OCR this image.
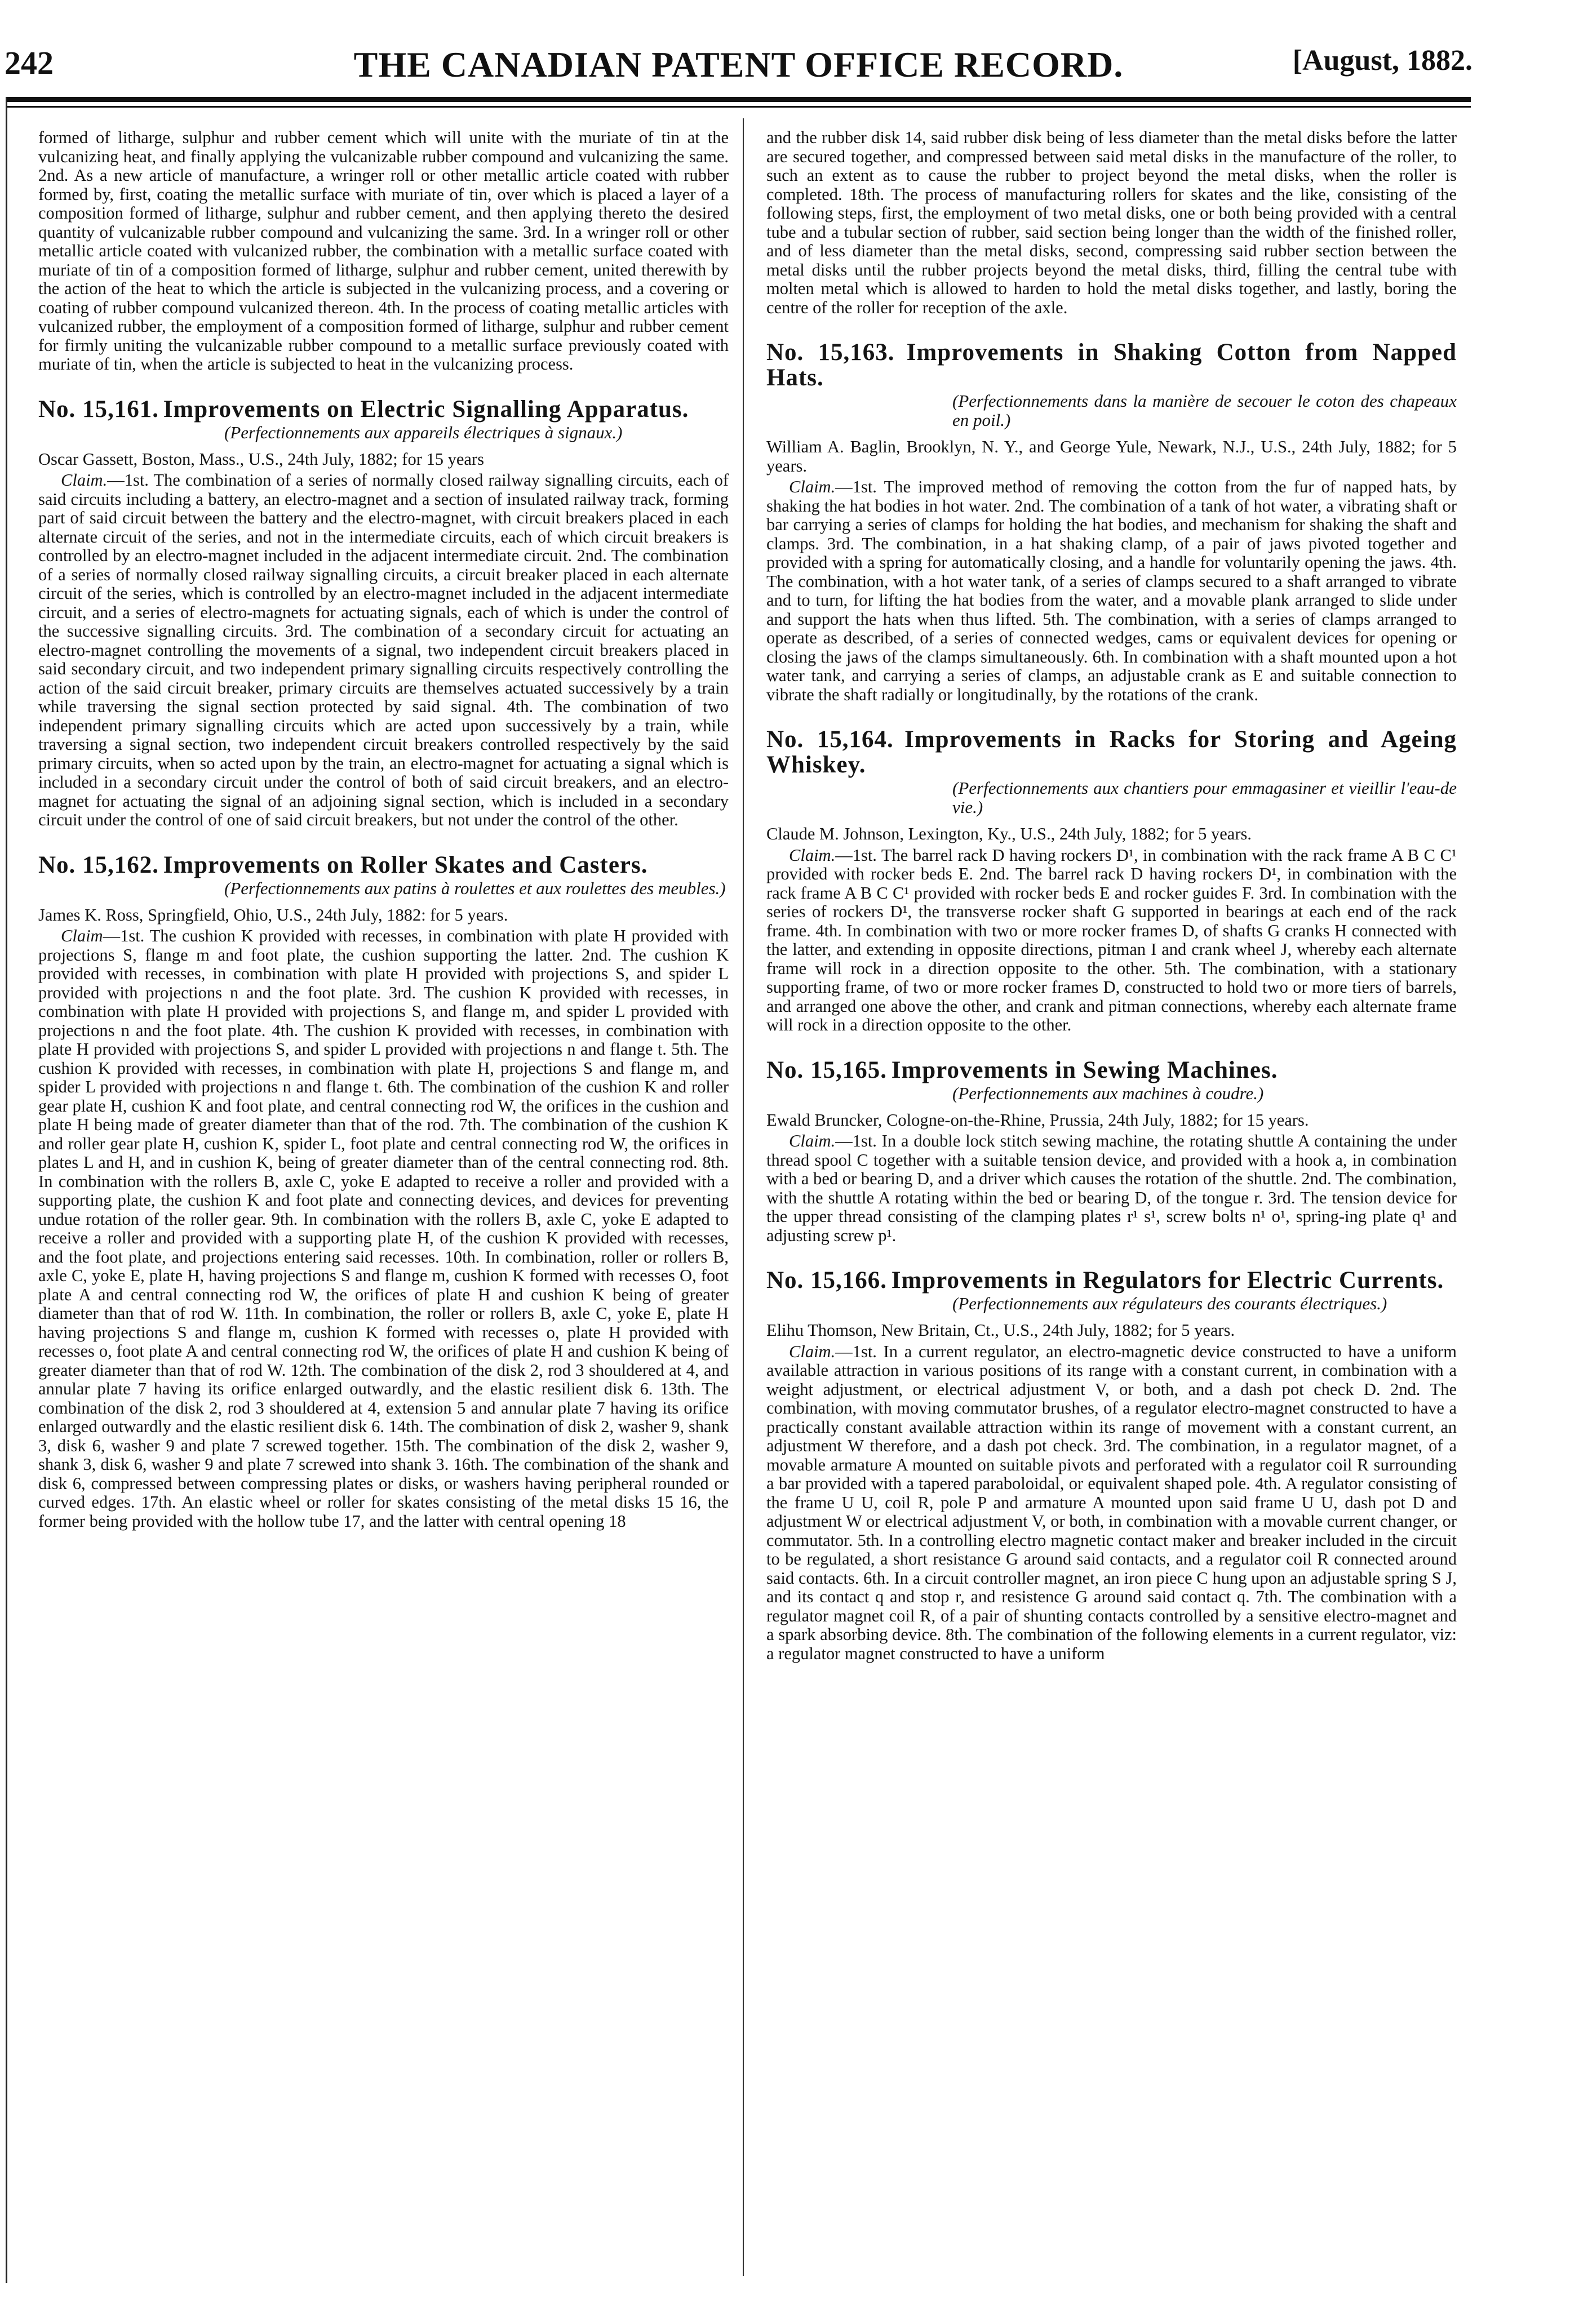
242	THE CANADIAN PATENT OFFICE RECORD.	[August, 1882.

formed of litharge, sulphur and rubber cement which will unite with the muriate of tin at the vulcanizing heat, and finally applying the vulcanizable rubber compound and vulcanizing the same. 2nd. As a new article of manufacture, a wringer roll or other metallic article coated with rubber formed by, first, coating the metallic surface with muriate of tin, over which is placed a layer of a composition formed of litharge, sulphur and rubber cement, and then applying thereto the desired quantity of vulcanizable rubber compound and vulcanizing the same. 3rd. In a wringer roll or other metallic article coated with vulcanized rubber, the combination with a metallic surface coated with muriate of tin of a composition formed of litharge, sulphur and rubber cement, united therewith by the action of the heat to which the article is subjected in the vulcanizing process, and a covering or coating of rubber compound vulcanized thereon. 4th. In the process of coating metallic articles with vulcanized rubber, the employment of a composition formed of litharge, sulphur and rubber cement for firmly uniting the vulcanizable rubber compound to a metallic surface previously coated with muriate of tin, when the article is subjected to heat in the vulcanizing process.

No. 15,161. Improvements on Electric Signalling Apparatus.
(Perfectionnements aux appareils électriques à signaux.)

Oscar Gassett, Boston, Mass., U.S., 24th July, 1882; for 15 years

Claim.—1st. The combination of a series of normally closed railway signalling circuits, each of said circuits including a battery, an electro-magnet and a section of insulated railway track, forming part of said circuit between the battery and the electro-magnet, with circuit breakers placed in each alternate circuit of the series, and not in the intermediate circuits, each of which circuit breakers is controlled by an electro-magnet included in the adjacent intermediate circuit. 2nd. The combination of a series of normally closed railway signalling circuits, a circuit breaker placed in each alternate circuit of the series, which is controlled by an electro-magnet included in the adjacent intermediate circuit, and a series of electro-magnets for actuating signals, each of which is under the control of the successive signalling circuits. 3rd. The combination of a secondary circuit for actuating an electro-magnet controlling the movements of a signal, two independent circuit breakers placed in said secondary circuit, and two independent primary signalling circuits respectively controlling the action of the said circuit breaker, primary circuits are themselves actuated successively by a train while traversing the signal section protected by said signal. 4th. The combination of two independent primary signalling circuits which are acted upon successively by a train, while traversing a signal section, two independent circuit breakers controlled respectively by the said primary circuits, when so acted upon by the train, an electro-magnet for actuating a signal which is included in a secondary circuit under the control of both of said circuit breakers, and an electro-magnet for actuating the signal of an adjoining signal section, which is included in a secondary circuit under the control of one of said circuit breakers, but not under the control of the other.

No. 15,162. Improvements on Roller Skates and Casters.
(Perfectionnements aux patins à roulettes et aux roulettes des meubles.)

James K. Ross, Springfield, Ohio, U.S., 24th July, 1882: for 5 years.

Claim—1st. The cushion K provided with recesses, in combination with plate H provided with projections S, flange m and foot plate, the cushion supporting the latter. 2nd. The cushion K provided with recesses, in combination with plate H provided with projections S, and spider L provided with projections n and the foot plate. 3rd. The cushion K provided with recesses, in combination with plate H provided with projections S, and flange m, and spider L provided with projections n and the foot plate. 4th. The cushion K provided with recesses, in combination with plate H provided with projections S, and spider L provided with projections n and flange t. 5th. The cushion K provided with recesses, in combination with plate H, projections S and flange m, and spider L provided with projections n and flange t. 6th. The combination of the cushion K and roller gear plate H, cushion K and foot plate, and central connecting rod W, the orifices in the cushion and plate H being made of greater diameter than that of the rod. 7th. The combination of the cushion K and roller gear plate H, cushion K, spider L, foot plate and central connecting rod W, the orifices in plates L and H, and in cushion K, being of greater diameter than of the central connecting rod. 8th. In combination with the rollers B, axle C, yoke E adapted to receive a roller and provided with a supporting plate, the cushion K and foot plate and connecting devices, and devices for preventing undue rotation of the roller gear. 9th. In combination with the rollers B, axle C, yoke E adapted to receive a roller and provided with a supporting plate H, of the cushion K provided with recesses, and the foot plate, and projections entering said recesses. 10th. In combination, roller or rollers B, axle C, yoke E, plate H, having projections S and flange m, cushion K formed with recesses O, foot plate A and central connecting rod W, the orifices of plate H and cushion K being of greater diameter than that of rod W. 11th. In combination, the roller or rollers B, axle C, yoke E, plate H having projections S and flange m, cushion K formed with recesses o, plate H provided with recesses o, foot plate A and central connecting rod W, the orifices of plate H and cushion K being of greater diameter than that of rod W. 12th. The combination of the disk 2, rod 3 shouldered at 4, and annular plate 7 having its orifice enlarged outwardly, and the elastic resilient disk 6. 13th. The combination of the disk 2, rod 3 shouldered at 4, extension 5 and annular plate 7 having its orifice enlarged outwardly and the elastic resilient disk 6. 14th. The combination of disk 2, washer 9, shank 3, disk 6, washer 9 and plate 7 screwed together. 15th. The combination of the disk 2, washer 9, shank 3, disk 6, washer 9 and plate 7 screwed into shank 3. 16th. The combination of the shank and disk 6, compressed between compressing plates or disks, or washers having peripheral rounded or curved edges. 17th. An elastic wheel or roller for skates consisting of the metal disks 15 16, the former being provided with the hollow tube 17, and the latter with central opening 18

and the rubber disk 14, said rubber disk being of less diameter than the metal disks before the latter are secured together, and compressed between said metal disks in the manufacture of the roller, to such an extent as to cause the rubber to project beyond the metal disks, when the roller is completed. 18th. The process of manufacturing rollers for skates and the like, consisting of the following steps, first, the employment of two metal disks, one or both being provided with a central tube and a tubular section of rubber, said section being longer than the width of the finished roller, and of less diameter than the metal disks, second, compressing said rubber section between the metal disks until the rubber projects beyond the metal disks, third, filling the central tube with molten metal which is allowed to harden to hold the metal disks together, and lastly, boring the centre of the roller for reception of the axle.

No. 15,163. Improvements in Shaking Cotton from Napped Hats.
(Perfectionnements dans la manière de secouer le coton des chapeaux en poil.)

William A. Baglin, Brooklyn, N. Y., and George Yule, Newark, N.J., U.S., 24th July, 1882; for 5 years.

Claim.—1st. The improved method of removing the cotton from the fur of napped hats, by shaking the hat bodies in hot water. 2nd. The combination of a tank of hot water, a vibrating shaft or bar carrying a series of clamps for holding the hat bodies, and mechanism for shaking the shaft and clamps. 3rd. The combination, in a hat shaking clamp, of a pair of jaws pivoted together and provided with a spring for automatically closing, and a handle for voluntarily opening the jaws. 4th. The combination, with a hot water tank, of a series of clamps secured to a shaft arranged to vibrate and to turn, for lifting the hat bodies from the water, and a movable plank arranged to slide under and support the hats when thus lifted. 5th. The combination, with a series of clamps arranged to operate as described, of a series of connected wedges, cams or equivalent devices for opening or closing the jaws of the clamps simultaneously. 6th. In combination with a shaft mounted upon a hot water tank, and carrying a series of clamps, an adjustable crank as E and suitable connection to vibrate the shaft radially or longitudinally, by the rotations of the crank.

No. 15,164. Improvements in Racks for Storing and Ageing Whiskey.
(Perfectionnements aux chantiers pour emmagasiner et vieillir l'eau-de vie.)

Claude M. Johnson, Lexington, Ky., U.S., 24th July, 1882; for 5 years.

Claim.—1st. The barrel rack D having rockers D¹, in combination with the rack frame A B C C¹ provided with rocker beds E. 2nd. The barrel rack D having rockers D¹, in combination with the rack frame A B C C¹ provided with rocker beds E and rocker guides F. 3rd. In combination with the series of rockers D¹, the transverse rocker shaft G supported in bearings at each end of the rack frame. 4th. In combination with two or more rocker frames D, of shafts G cranks H connected with the latter, and extending in opposite directions, pitman I and crank wheel J, whereby each alternate frame will rock in a direction opposite to the other. 5th. The combination, with a stationary supporting frame, of two or more rocker frames D, constructed to hold two or more tiers of barrels, and arranged one above the other, and crank and pitman connections, whereby each alternate frame will rock in a direction opposite to the other.

No. 15,165. Improvements in Sewing Machines.
(Perfectionnements aux machines à coudre.)

Ewald Bruncker, Cologne-on-the-Rhine, Prussia, 24th July, 1882; for 15 years.

Claim.—1st. In a double lock stitch sewing machine, the rotating shuttle A containing the under thread spool C together with a suitable tension device, and provided with a hook a, in combination with a bed or bearing D, and a driver which causes the rotation of the shuttle. 2nd. The combination, with the shuttle A rotating within the bed or bearing D, of the tongue r. 3rd. The tension device for the upper thread consisting of the clamping plates r¹ s¹, screw bolts n¹ o¹, spring-ing plate q¹ and adjusting screw p¹.

No. 15,166. Improvements in Regulators for Electric Currents.
(Perfectionnements aux régulateurs des courants électriques.)

Elihu Thomson, New Britain, Ct., U.S., 24th July, 1882; for 5 years.

Claim.—1st. In a current regulator, an electro-magnetic device constructed to have a uniform available attraction in various positions of its range with a constant current, in combination with a weight adjustment, or electrical adjustment V, or both, and a dash pot check D. 2nd. The combination, with moving commutator brushes, of a regulator electro-magnet constructed to have a practically constant available attraction within its range of movement with a constant current, an adjustment W therefore, and a dash pot check. 3rd. The combination, in a regulator magnet, of a movable armature A mounted on suitable pivots and perforated with a regulator coil R surrounding a bar provided with a tapered paraboloidal, or equivalent shaped pole. 4th. A regulator consisting of the frame U U, coil R, pole P and armature A mounted upon said frame U U, dash pot D and adjustment W or electrical adjustment V, or both, in combination with a movable current changer, or commutator. 5th. In a controlling electro magnetic contact maker and breaker included in the circuit to be regulated, a short resistance G around said contacts, and a regulator coil R connected around said contacts. 6th. In a circuit controller magnet, an iron piece C hung upon an adjustable spring S J, and its contact q and stop r, and resistence G around said contact q. 7th. The combination with a regulator magnet coil R, of a pair of shunting contacts controlled by a sensitive electro-magnet and a spark absorbing device. 8th. The combination of the following elements in a current regulator, viz: a regulator magnet constructed to have a uniform
